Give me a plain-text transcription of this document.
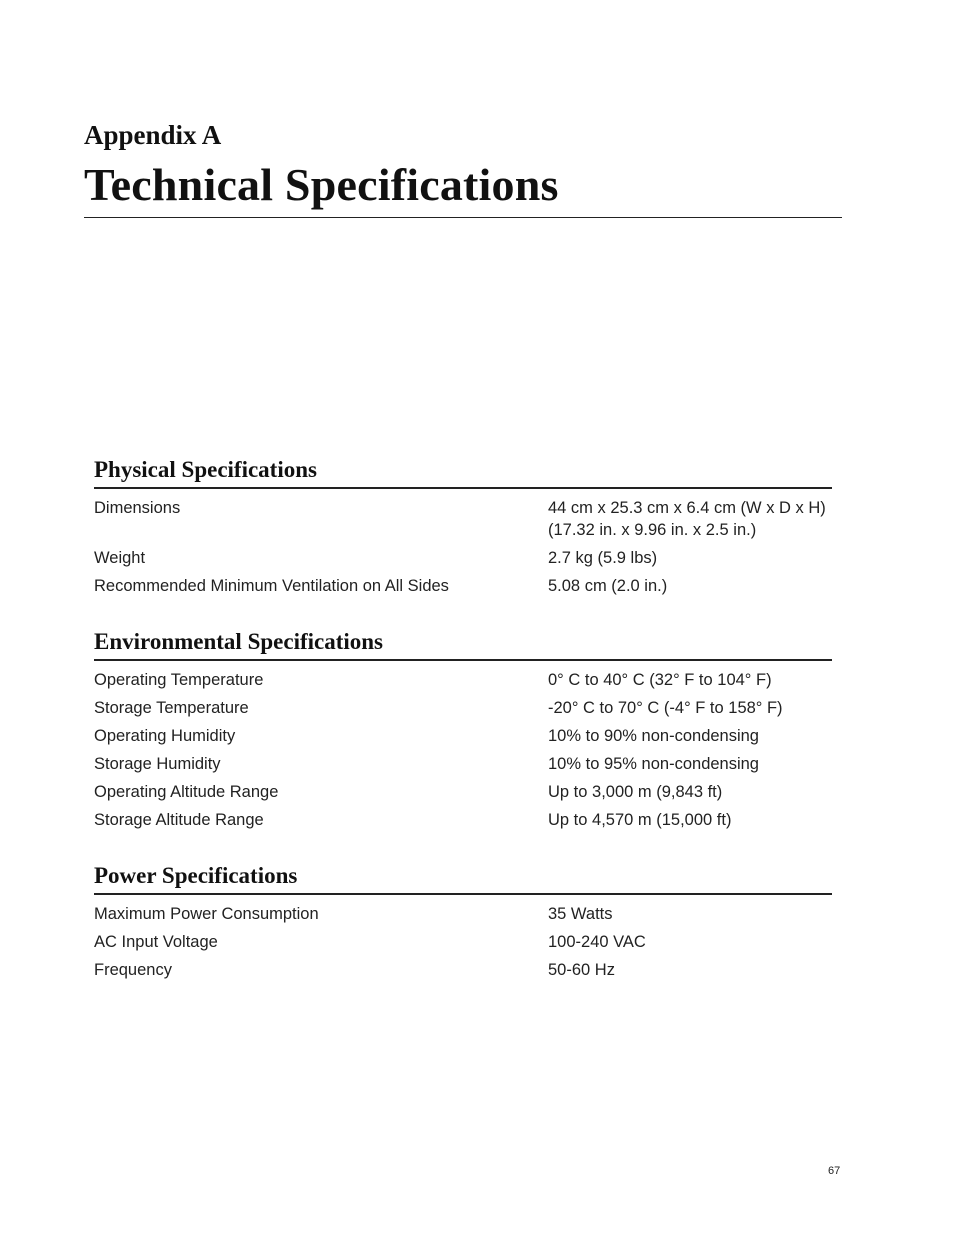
Appendix A
Technical Specifications
Physical Specifications
Dimensions	44 cm x 25.3 cm x 6.4 cm (W x D x H)
(17.32 in. x 9.96 in. x 2.5 in.)
Weight	2.7 kg (5.9 lbs)
Recommended Minimum Ventilation on All Sides	5.08 cm (2.0 in.)
Environmental Specifications
Operating Temperature	0° C to 40° C (32° F to 104° F)
Storage Temperature	-20° C to 70° C (-4° F to 158° F)
Operating Humidity	10% to 90% non-condensing
Storage Humidity	10% to 95% non-condensing
Operating Altitude Range	Up to 3,000 m (9,843 ft)
Storage Altitude Range	Up to 4,570 m (15,000 ft)
Power Specifications
Maximum Power Consumption	35 Watts
AC Input Voltage	100-240 VAC
Frequency	50-60 Hz
67
